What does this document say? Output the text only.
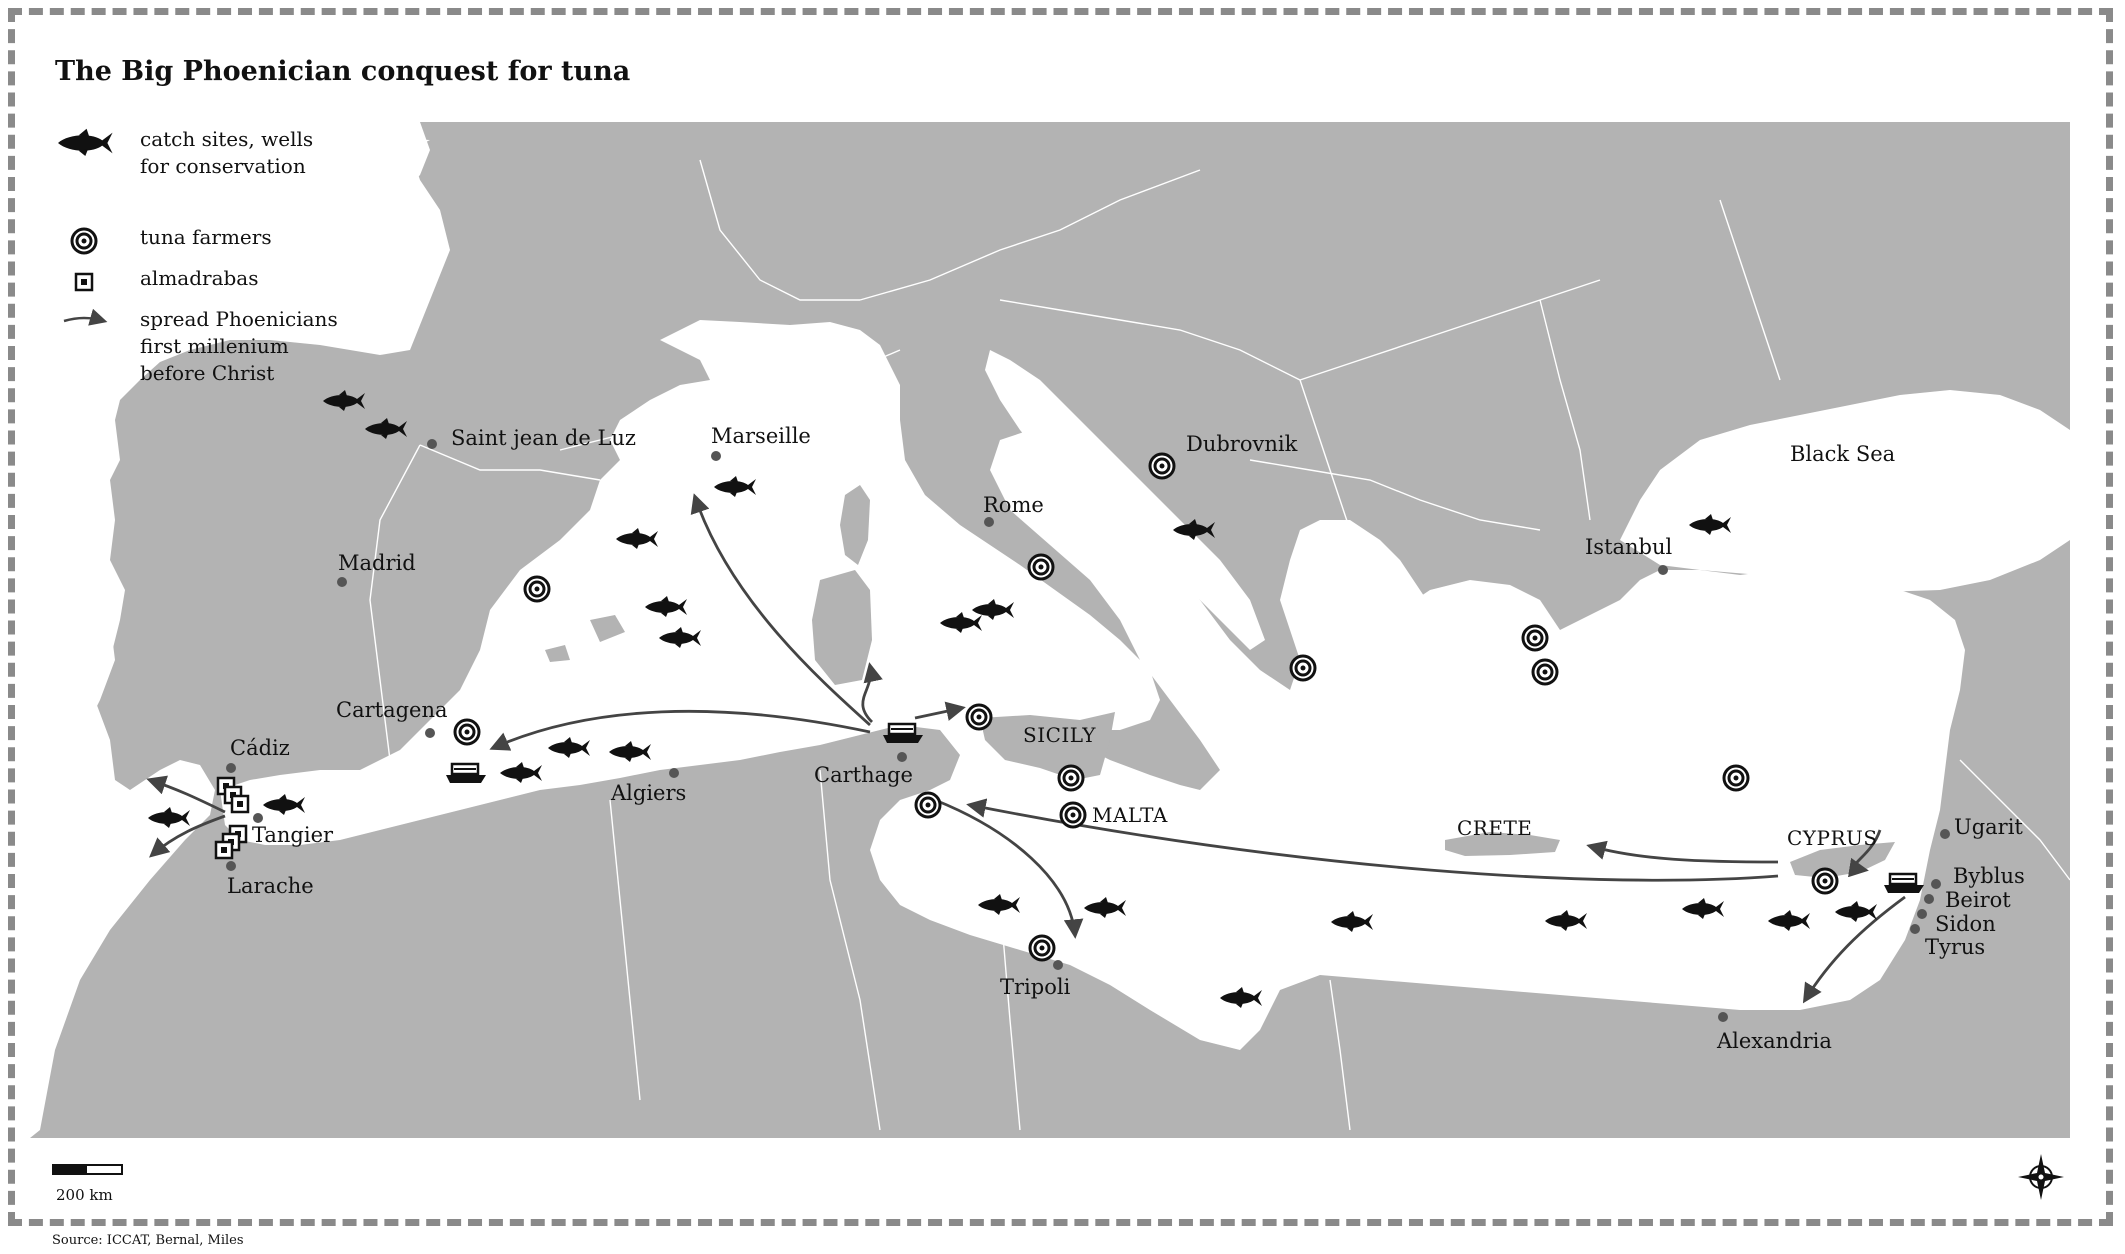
Saint jean de Luz	Marseille
Madrid
Rome
Dubrovnik
Istanbul
Cartagena
Cádiz
Tangier
Larache
Algiers
Carthage
Tripoli
Alexandria
Ugarit
Byblus
Beirot
Sidon
Tyrus
Black Sea
SICILY
MALTA
CRETE	CYPRUS
The Big Phoenician conquest for tuna
catch sites, wells
for conservation
tuna farmers
almadrabas
spread Phoenicians
first millenium
before Christ
200 km
Source: ICCAT, Bernal, Miles
